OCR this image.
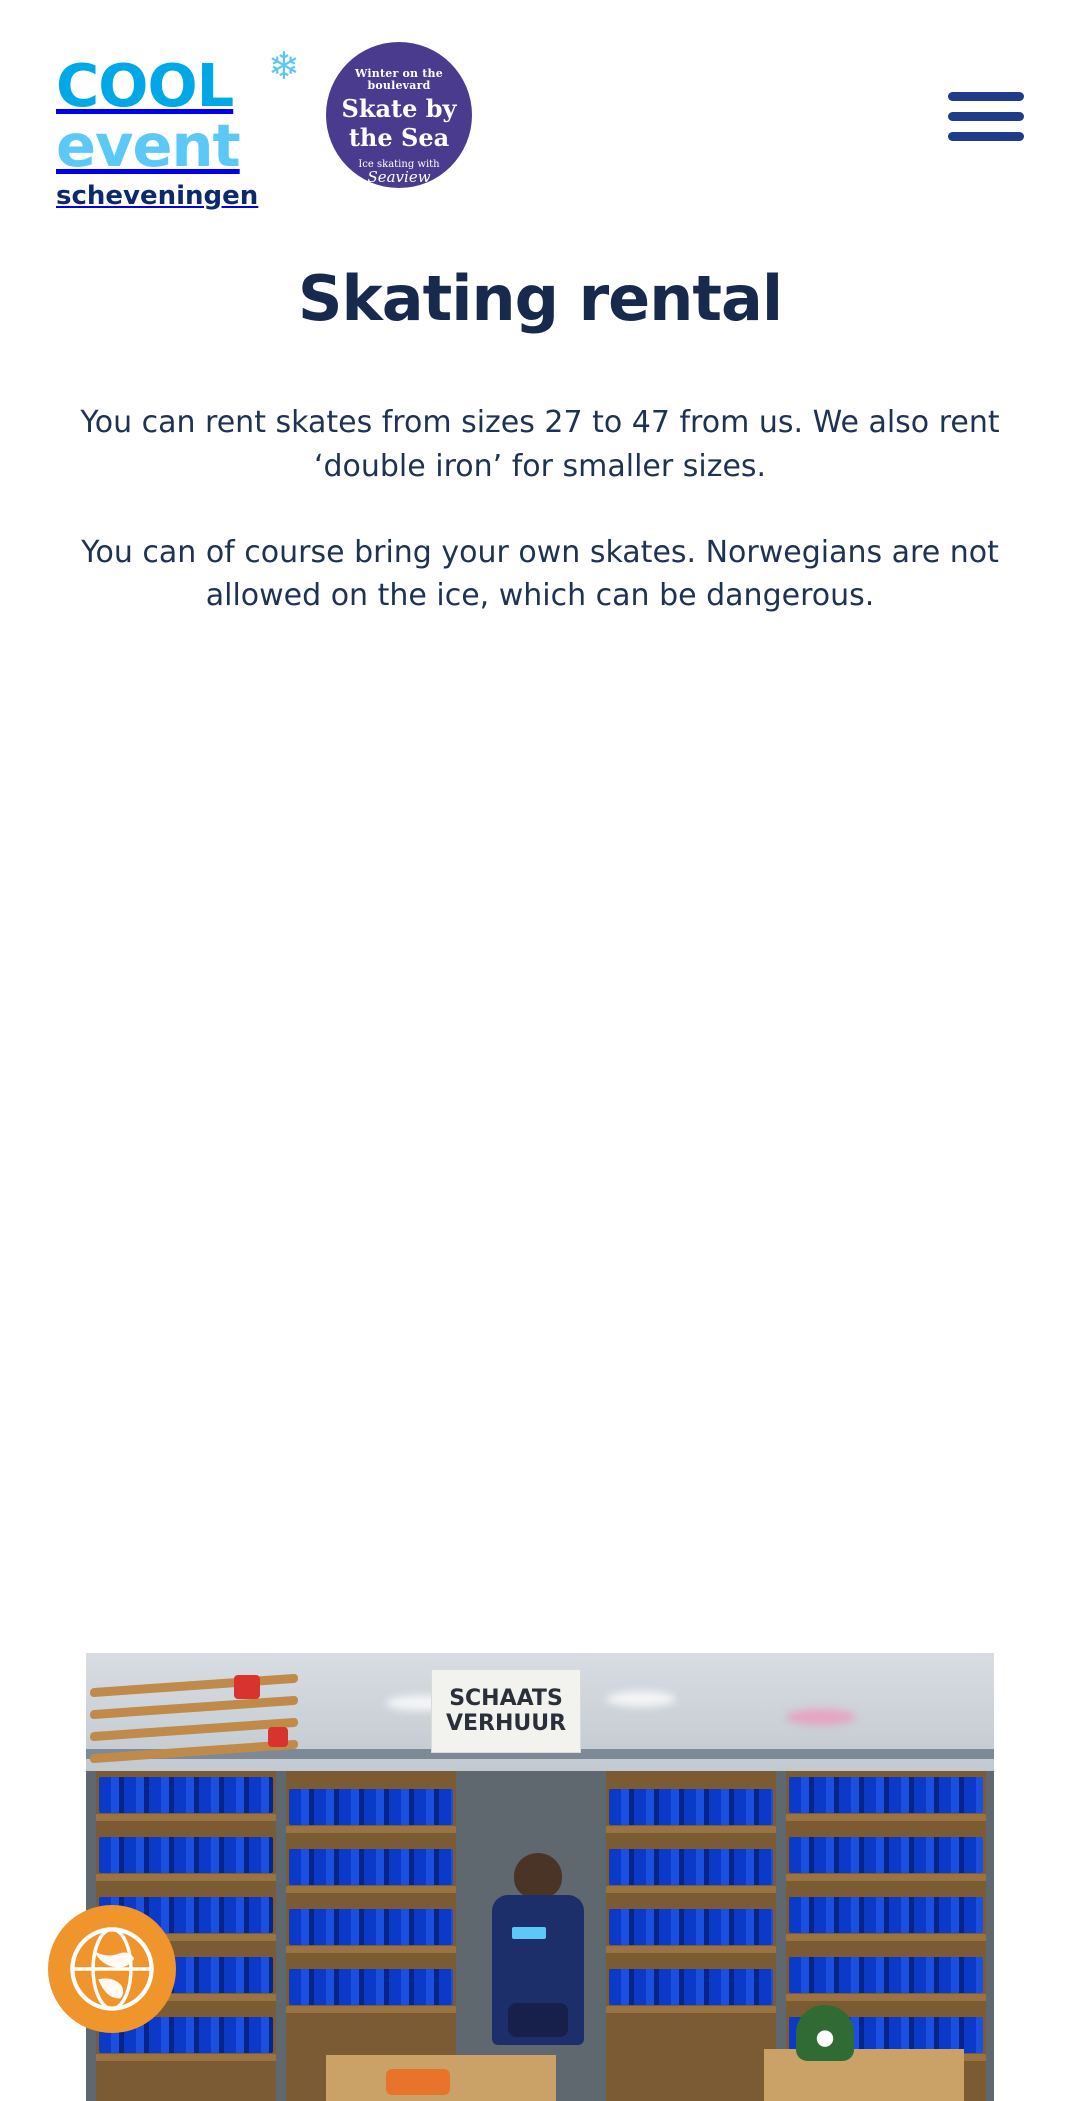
COOL
event
scheveningen
❄	Winter on the boulevard
Skate by
the Sea
Ice skating with
Seaview
Skating rental

You can rent skates from sizes 27 to 47 from us. We also rent ‘double iron’ for smaller sizes.

You can of course bring your own skates. Norwegians are not allowed on the ice, which can be dangerous.

SCHAATS
VERHUUR
